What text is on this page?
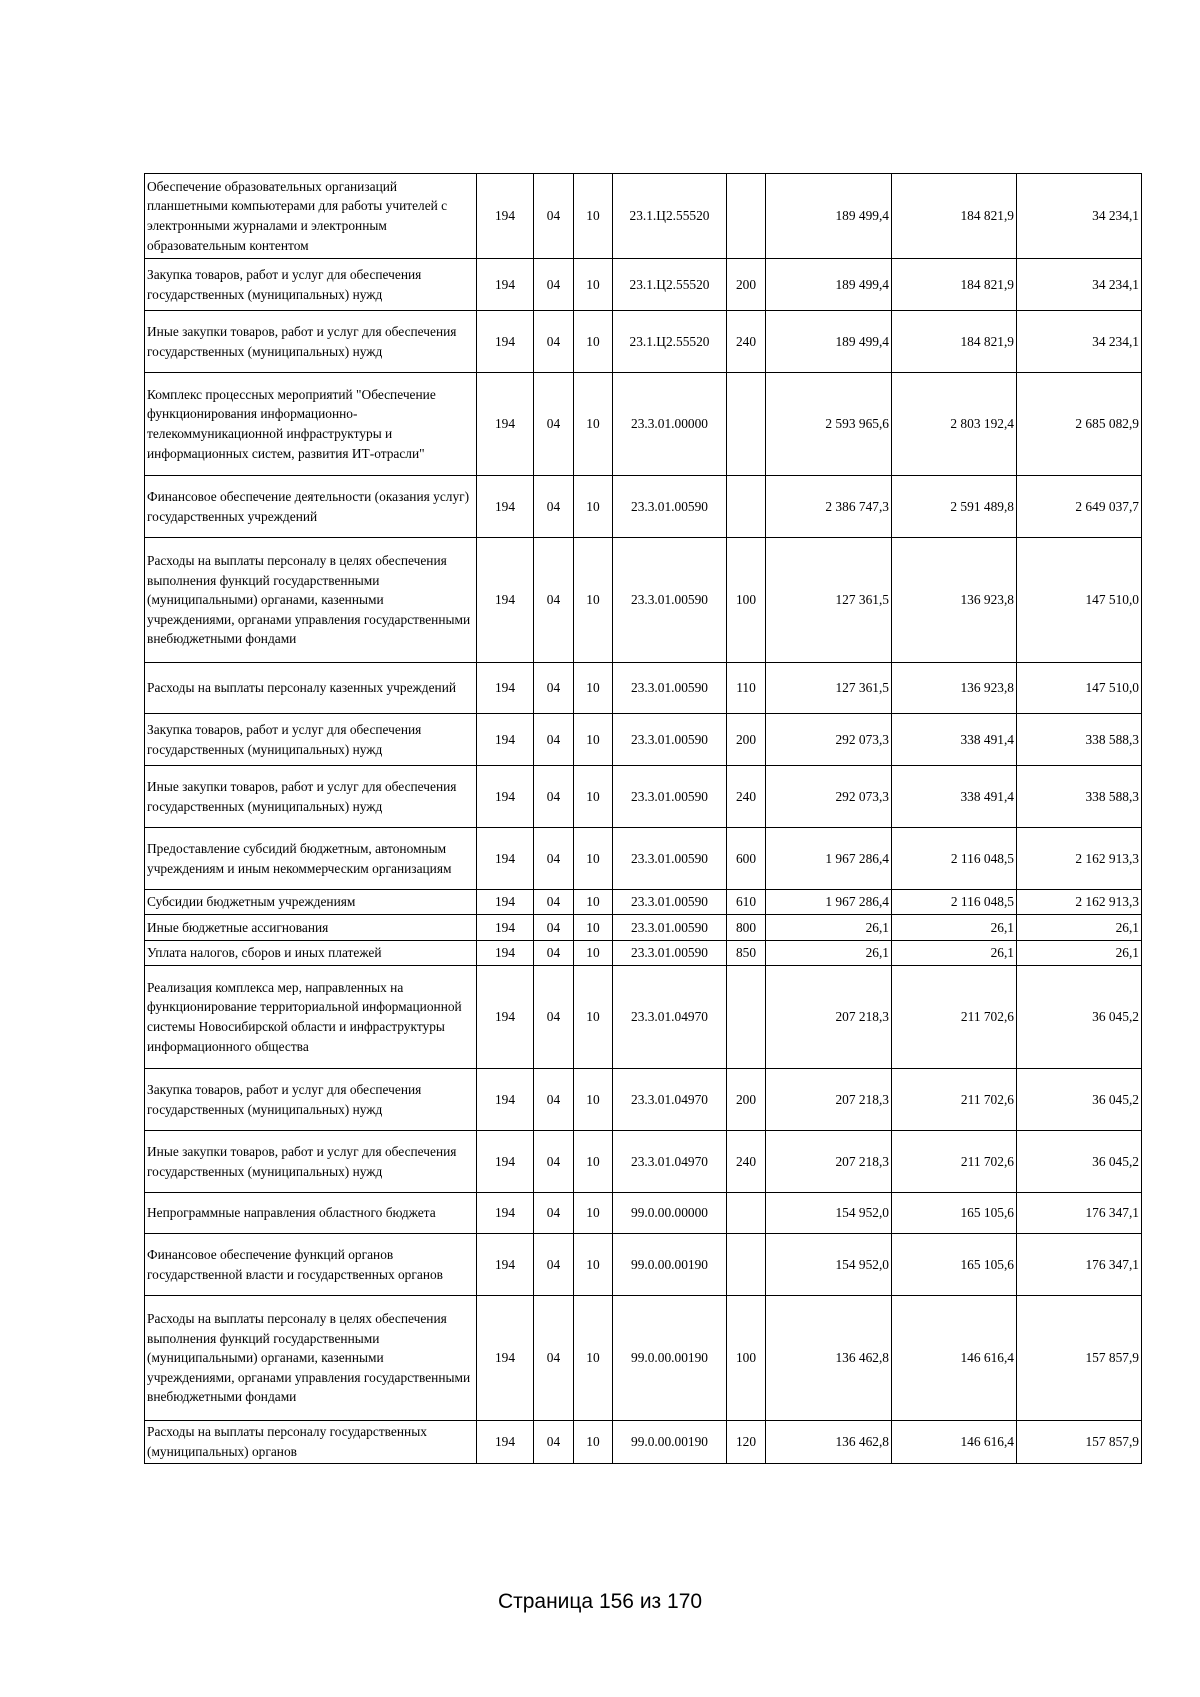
Обеспечение образовательных организаций планшетными компьютерами для работы учителей с электронными журналами и электронным образовательным контентом	194	04	10	23.1.Ц2.55520		189 499,4	184 821,9	34 234,1
Закупка товаров, работ и услуг для обеспечения государственных (муниципальных) нужд	194	04	10	23.1.Ц2.55520	200	189 499,4	184 821,9	34 234,1
Иные закупки товаров, работ и услуг для обеспечения государственных (муниципальных) нужд	194	04	10	23.1.Ц2.55520	240	189 499,4	184 821,9	34 234,1
Комплекс процессных мероприятий "Обеспечение функционирования информационно-телекоммуникационной инфраструктуры и информационных систем, развития ИТ-отрасли"	194	04	10	23.3.01.00000		2 593 965,6	2 803 192,4	2 685 082,9
Финансовое обеспечение деятельности (оказания услуг) государственных учреждений	194	04	10	23.3.01.00590		2 386 747,3	2 591 489,8	2 649 037,7
Расходы на выплаты персоналу в целях обеспечения выполнения функций государственными (муниципальными) органами, казенными учреждениями, органами управления государственными внебюджетными фондами	194	04	10	23.3.01.00590	100	127 361,5	136 923,8	147 510,0
Расходы на выплаты персоналу казенных учреждений	194	04	10	23.3.01.00590	110	127 361,5	136 923,8	147 510,0
Закупка товаров, работ и услуг для обеспечения государственных (муниципальных) нужд	194	04	10	23.3.01.00590	200	292 073,3	338 491,4	338 588,3
Иные закупки товаров, работ и услуг для обеспечения государственных (муниципальных) нужд	194	04	10	23.3.01.00590	240	292 073,3	338 491,4	338 588,3
Предоставление субсидий бюджетным, автономным учреждениям и иным некоммерческим организациям	194	04	10	23.3.01.00590	600	1 967 286,4	2 116 048,5	2 162 913,3
Субсидии бюджетным учреждениям	194	04	10	23.3.01.00590	610	1 967 286,4	2 116 048,5	2 162 913,3
Иные бюджетные ассигнования	194	04	10	23.3.01.00590	800	26,1	26,1	26,1
Уплата налогов, сборов и иных платежей	194	04	10	23.3.01.00590	850	26,1	26,1	26,1
Реализация комплекса мер, направленных на функционирование территориальной информационной системы Новосибирской области и инфраструктуры информационного общества	194	04	10	23.3.01.04970		207 218,3	211 702,6	36 045,2
Закупка товаров, работ и услуг для обеспечения государственных (муниципальных) нужд	194	04	10	23.3.01.04970	200	207 218,3	211 702,6	36 045,2
Иные закупки товаров, работ и услуг для обеспечения государственных (муниципальных) нужд	194	04	10	23.3.01.04970	240	207 218,3	211 702,6	36 045,2
Непрограммные направления областного бюджета	194	04	10	99.0.00.00000		154 952,0	165 105,6	176 347,1
Финансовое обеспечение функций органов государственной власти и государственных органов	194	04	10	99.0.00.00190		154 952,0	165 105,6	176 347,1
Расходы на выплаты персоналу в целях обеспечения выполнения функций государственными (муниципальными) органами, казенными учреждениями, органами управления государственными внебюджетными фондами	194	04	10	99.0.00.00190	100	136 462,8	146 616,4	157 857,9
Расходы на выплаты персоналу государственных (муниципальных) органов	194	04	10	99.0.00.00190	120	136 462,8	146 616,4	157 857,9
Страница 156 из 170
